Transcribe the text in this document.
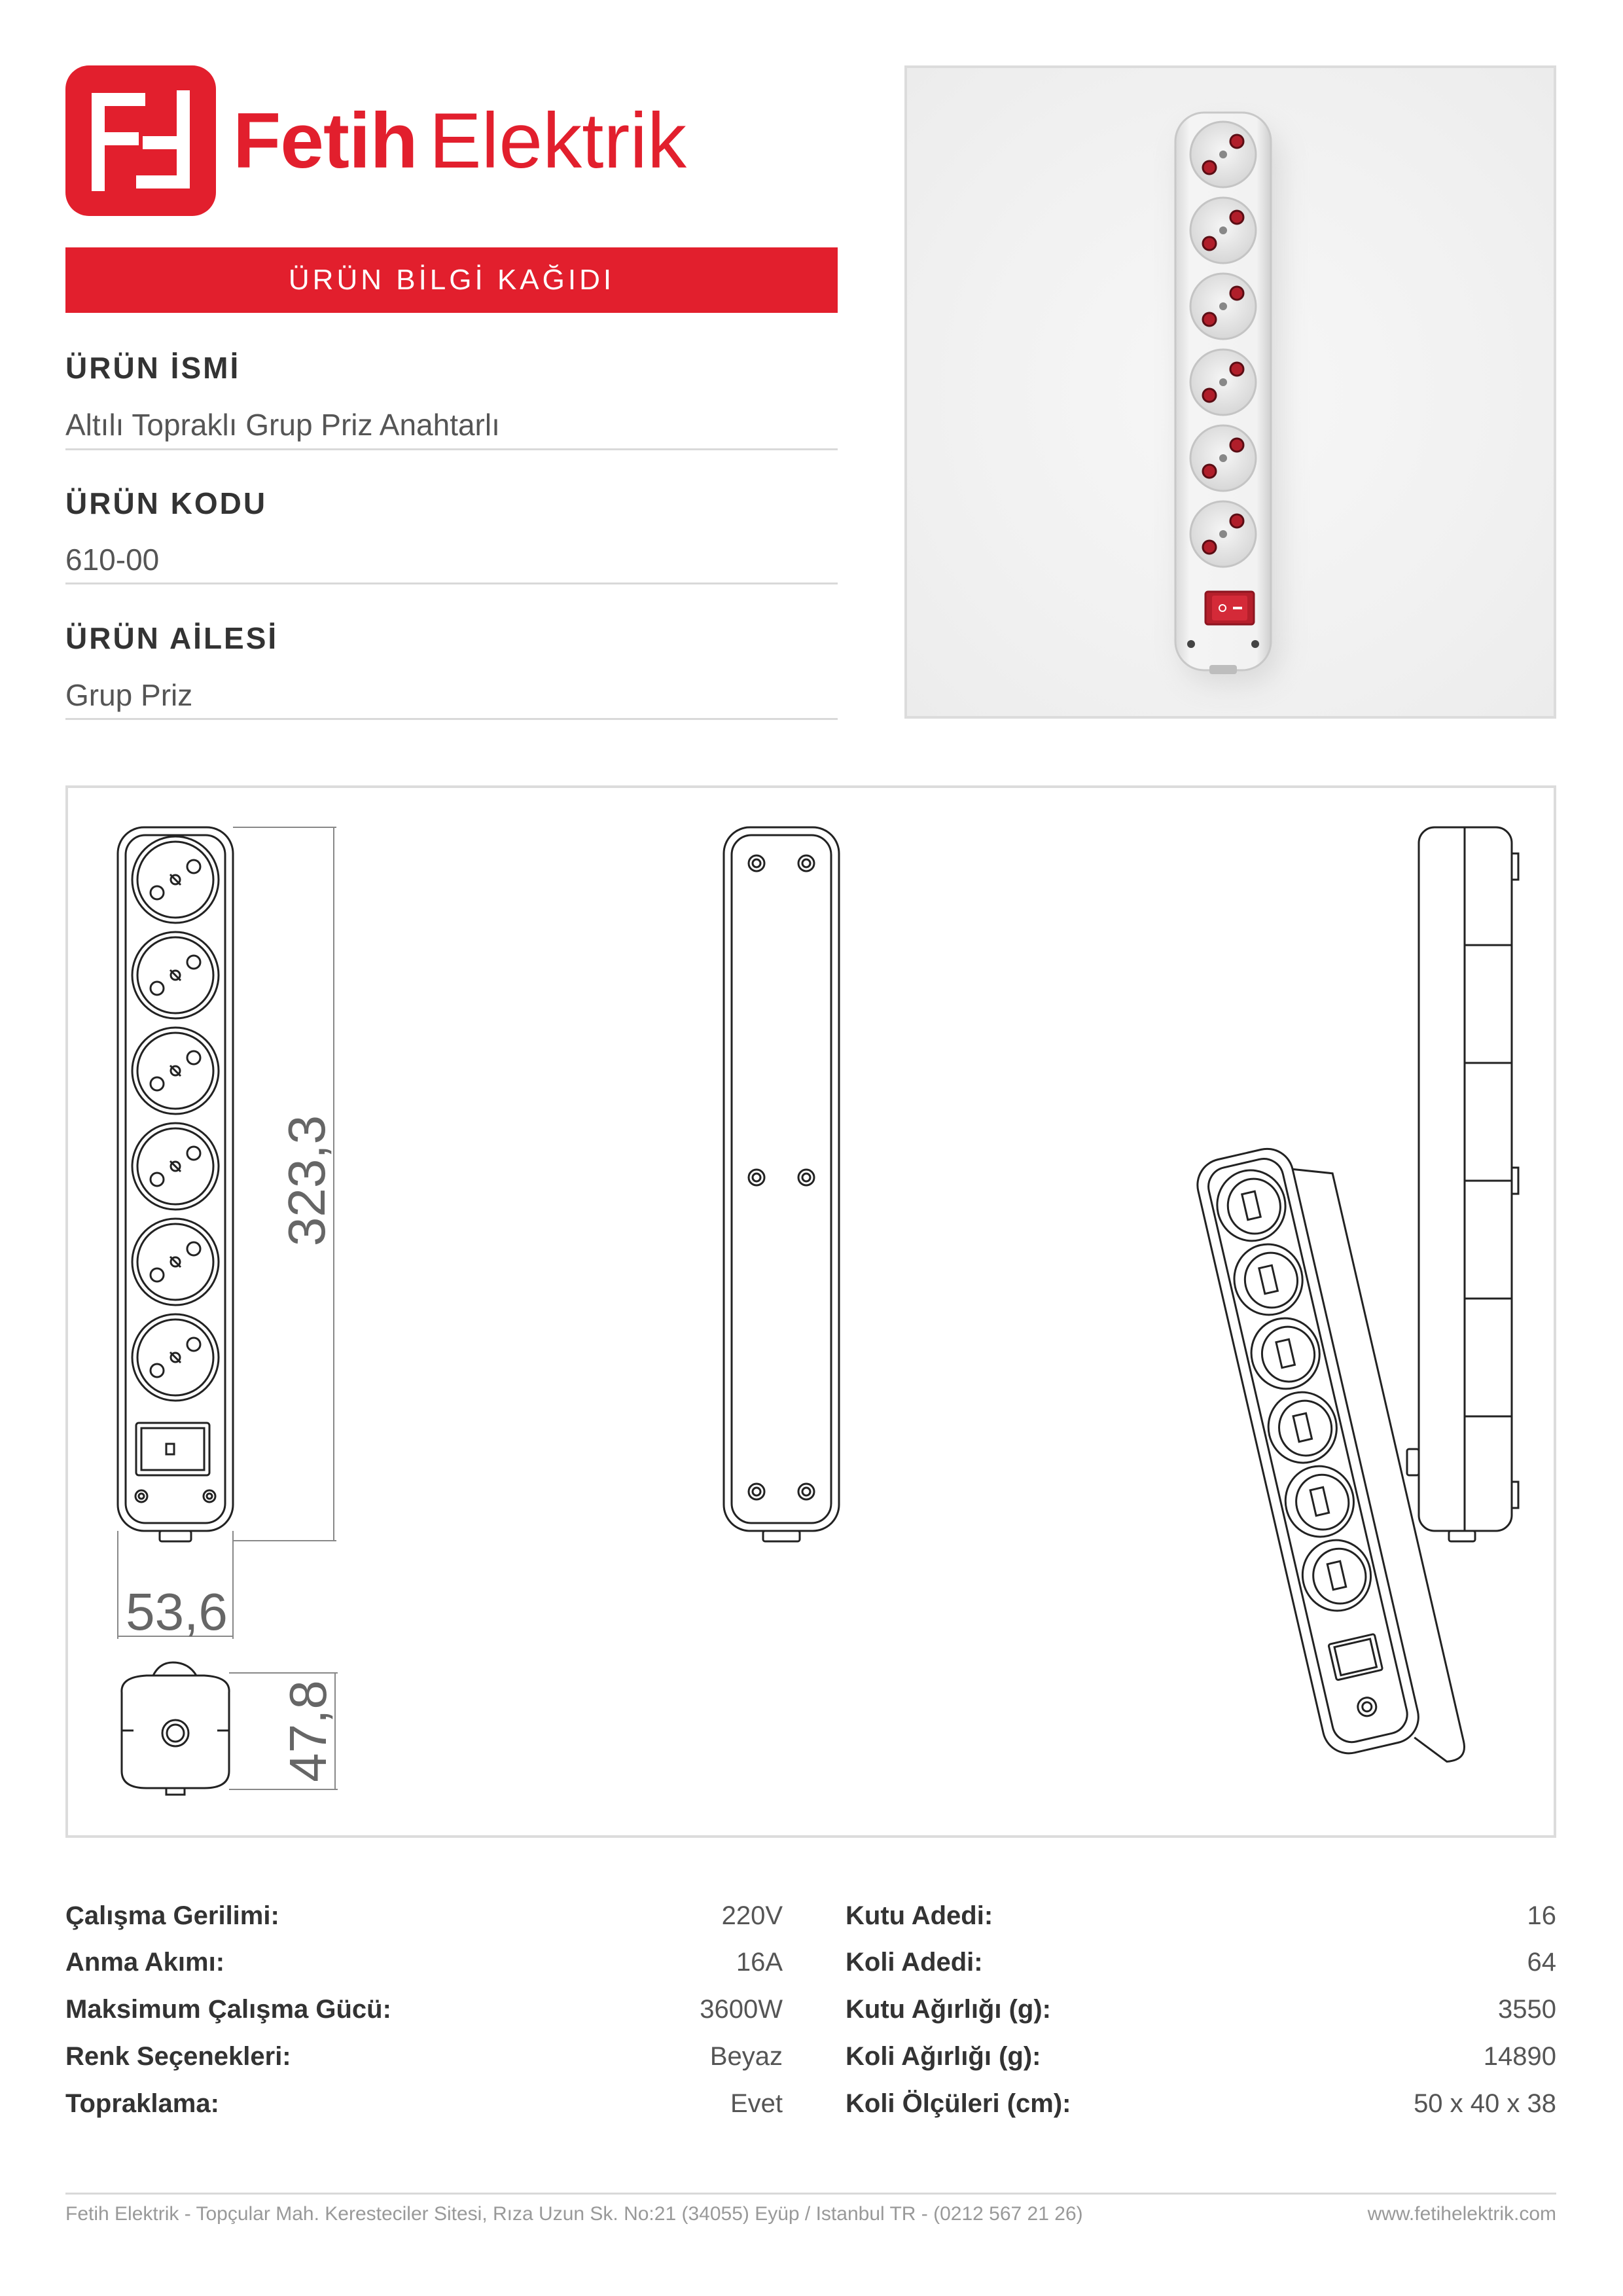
Fetih Elektrik
ÜRÜN BİLGİ KAĞIDI
ÜRÜN İSMİ
Altılı Topraklı Grup Priz Anahtarlı
ÜRÜN KODU
610-00
ÜRÜN AİLESİ
Grup Priz
323,3
53,6
47,8
Çalışma Gerilimi:	220V
Anma Akımı:	16A
Maksimum Çalışma Gücü:	3600W
Renk Seçenekleri:	Beyaz
Topraklama:	Evet
Kutu Adedi:	16
Koli Adedi:	64
Kutu Ağırlığı (g):	3550
Koli Ağırlığı (g):	14890
Koli Ölçüleri (cm):	50 x 40 x 38
Fetih Elektrik - Topçular Mah. Keresteciler Sitesi, Rıza Uzun Sk. No:21 (34055) Eyüp / Istanbul TR - (0212 567 21 26)	www.fetihelektrik.com
